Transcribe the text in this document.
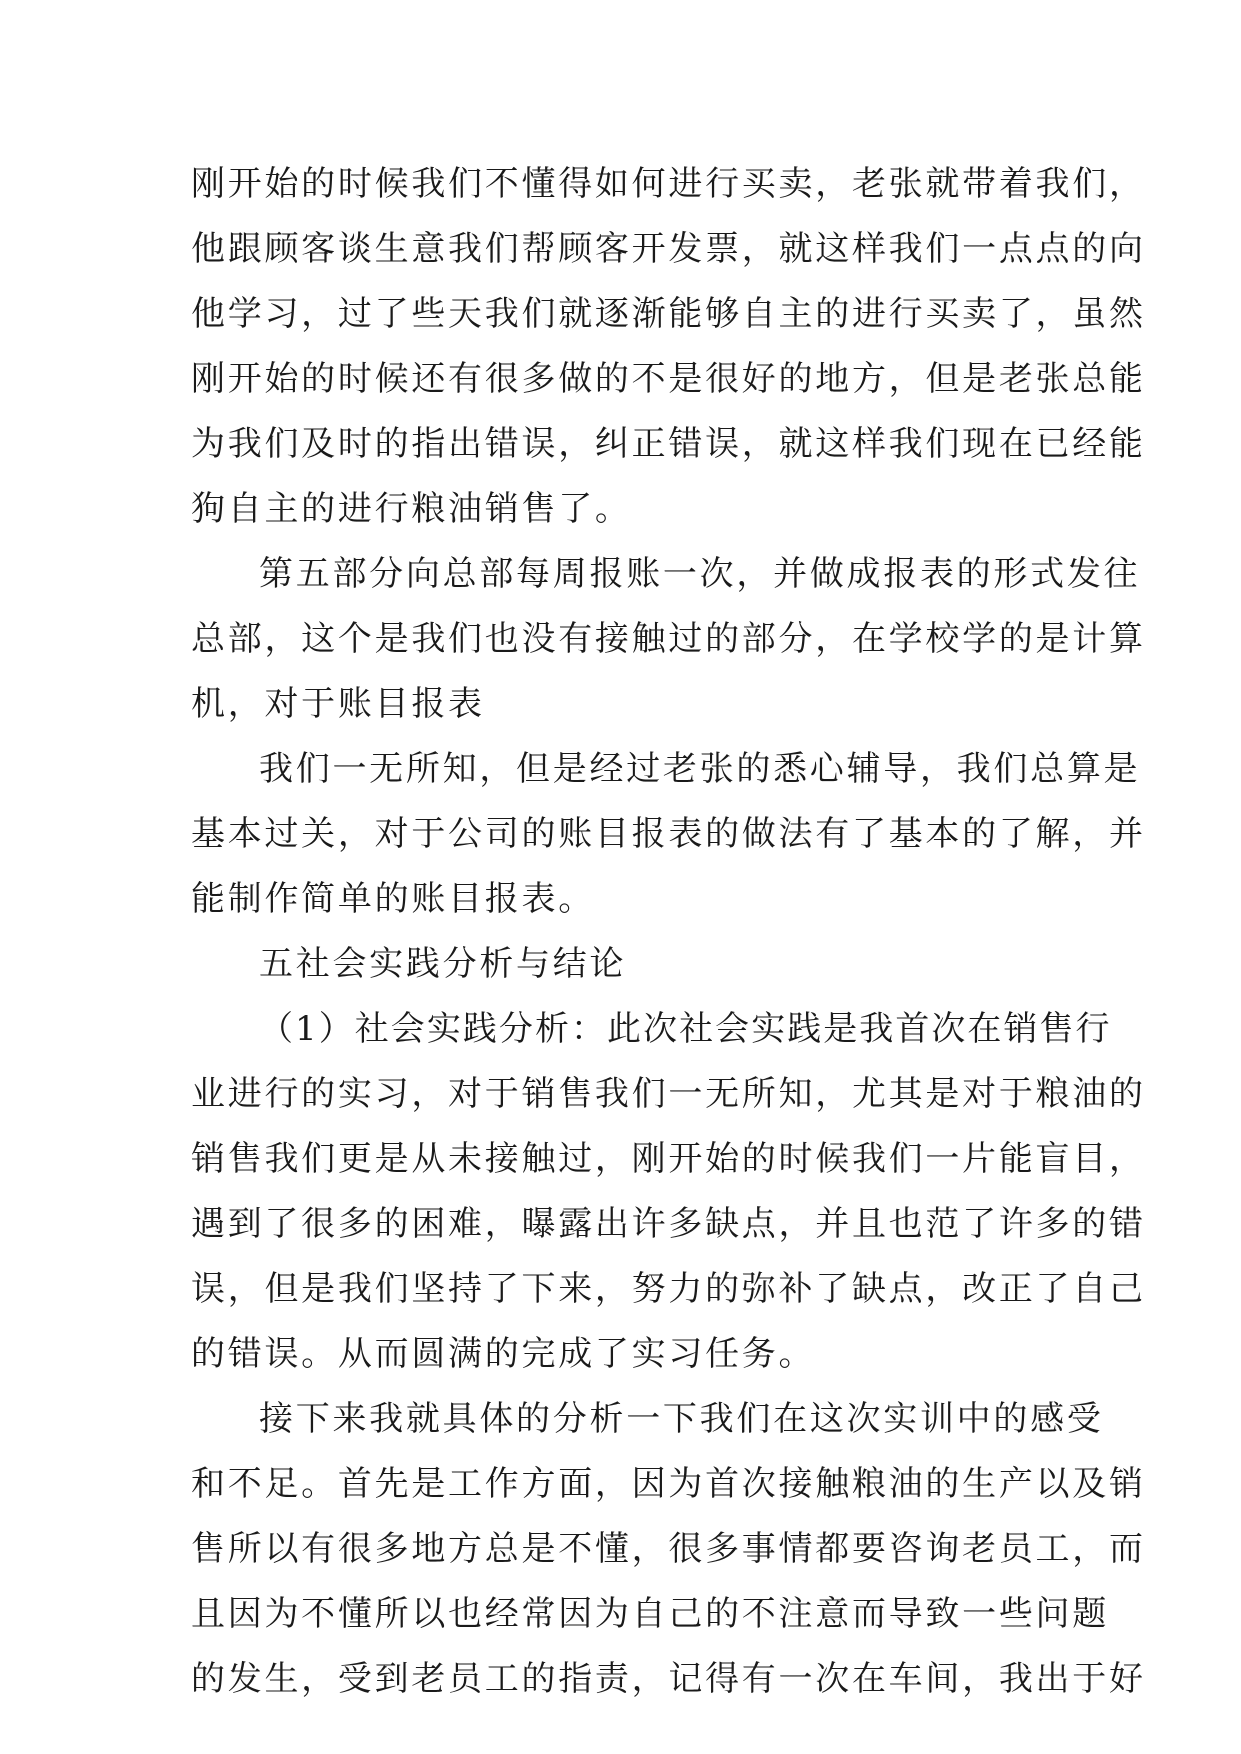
刚开始的时候我们不懂得如何进行买卖，老张就带着我们，
他跟顾客谈生意我们帮顾客开发票，就这样我们一点点的向
他学习，过了些天我们就逐渐能够自主的进行买卖了，虽然
刚开始的时候还有很多做的不是很好的地方，但是老张总能
为我们及时的指出错误，纠正错误，就这样我们现在已经能
狗自主的进行粮油销售了。
第五部分向总部每周报账一次，并做成报表的形式发往
总部，这个是我们也没有接触过的部分，在学校学的是计算
机，对于账目报表
我们一无所知，但是经过老张的悉心辅导，我们总算是
基本过关，对于公司的账目报表的做法有了基本的了解，并
能制作简单的账目报表。
五社会实践分析与结论
（1）社会实践分析：此次社会实践是我首次在销售行
业进行的实习，对于销售我们一无所知，尤其是对于粮油的
销售我们更是从未接触过，刚开始的时候我们一片能盲目，
遇到了很多的困难，曝露出许多缺点，并且也范了许多的错
误，但是我们坚持了下来，努力的弥补了缺点，改正了自己
的错误。从而圆满的完成了实习任务。
接下来我就具体的分析一下我们在这次实训中的感受
和不足。首先是工作方面，因为首次接触粮油的生产以及销
售所以有很多地方总是不懂，很多事情都要咨询老员工，而
且因为不懂所以也经常因为自己的不注意而导致一些问题
的发生，受到老员工的指责，记得有一次在车间，我出于好
